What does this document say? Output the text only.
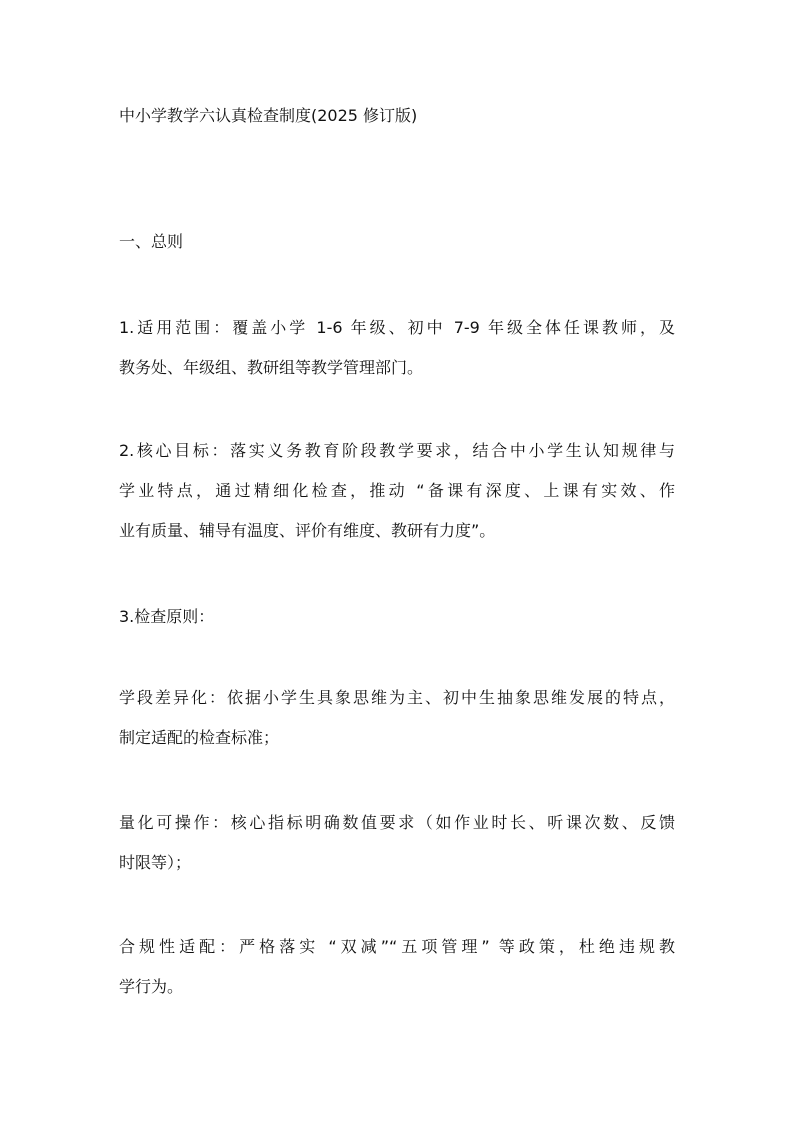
中小学教学六认真检查制度(2025 修订版)
一、总则
1.适用范围：覆盖小学 1-6 年级、初中 7-9 年级全体任课教师，及
教务处、年级组、教研组等教学管理部门。
2.核心目标：落实义务教育阶段教学要求，结合中小学生认知规律与
学业特点，通过精细化检查，推动 “备课有深度、上课有实效、作
业有质量、辅导有温度、评价有维度、教研有力度”。
3.检查原则：
学段差异化：依据小学生具象思维为主、初中生抽象思维发展的特点，
制定适配的检查标准；
量化可操作：核心指标明确数值要求（如作业时长、听课次数、反馈
时限等）；
合规性适配：严格落实 “双减”“五项管理” 等政策，杜绝违规教
学行为。
